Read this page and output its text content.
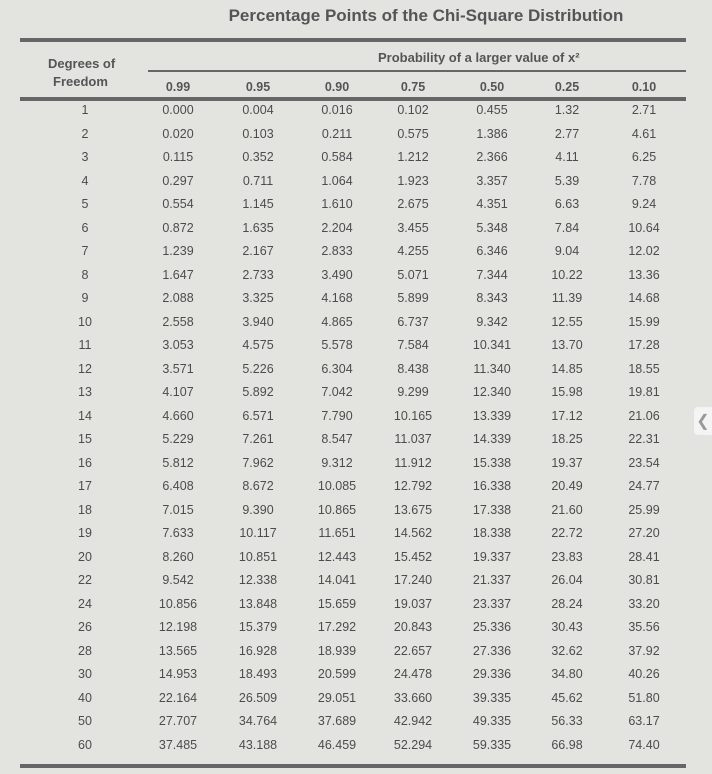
Percentage Points of the Chi-Square Distribution
Degrees of
Freedom
Probability of a larger value of x²
0.99	0.95	0.90	0.75	0.50	0.25	0.10
1	0.000	0.004	0.016	0.102	0.455	1.32	2.71
2	0.020	0.103	0.211	0.575	1.386	2.77	4.61
3	0.115	0.352	0.584	1.212	2.366	4.11	6.25
4	0.297	0.711	1.064	1.923	3.357	5.39	7.78
5	0.554	1.145	1.610	2.675	4.351	6.63	9.24
6	0.872	1.635	2.204	3.455	5.348	7.84	10.64
7	1.239	2.167	2.833	4.255	6.346	9.04	12.02
8	1.647	2.733	3.490	5.071	7.344	10.22	13.36
9	2.088	3.325	4.168	5.899	8.343	11.39	14.68
10	2.558	3.940	4.865	6.737	9.342	12.55	15.99
11	3.053	4.575	5.578	7.584	10.341	13.70	17.28
12	3.571	5.226	6.304	8.438	11.340	14.85	18.55
13	4.107	5.892	7.042	9.299	12.340	15.98	19.81
14	4.660	6.571	7.790	10.165	13.339	17.12	21.06
15	5.229	7.261	8.547	11.037	14.339	18.25	22.31
16	5.812	7.962	9.312	11.912	15.338	19.37	23.54
17	6.408	8.672	10.085	12.792	16.338	20.49	24.77
18	7.015	9.390	10.865	13.675	17.338	21.60	25.99
19	7.633	10.117	11.651	14.562	18.338	22.72	27.20
20	8.260	10.851	12.443	15.452	19.337	23.83	28.41
22	9.542	12.338	14.041	17.240	21.337	26.04	30.81
24	10.856	13.848	15.659	19.037	23.337	28.24	33.20
26	12.198	15.379	17.292	20.843	25.336	30.43	35.56
28	13.565	16.928	18.939	22.657	27.336	32.62	37.92
30	14.953	18.493	20.599	24.478	29.336	34.80	40.26
40	22.164	26.509	29.051	33.660	39.335	45.62	51.80
50	27.707	34.764	37.689	42.942	49.335	56.33	63.17
60	37.485	43.188	46.459	52.294	59.335	66.98	74.40
❮
